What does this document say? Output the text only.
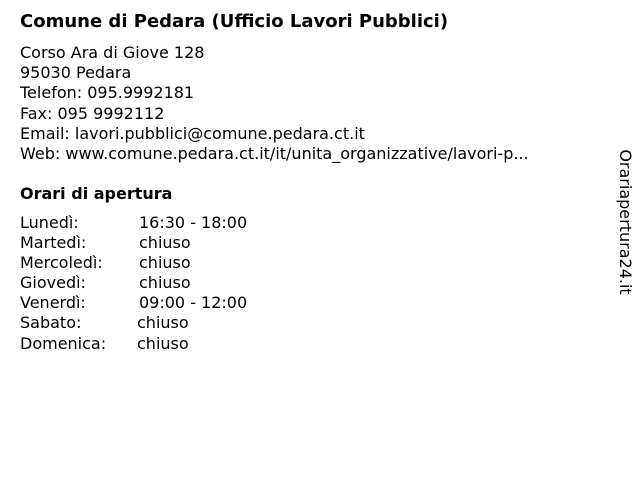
Comune di Pedara (Ufficio Lavori Pubblici)
Corso Ara di Giove 128
95030 Pedara
Telefon: 095.9992181
Fax: 095 9992112
Email: lavori.pubblici@comune.pedara.ct.it
Web: www.comune.pedara.ct.it/it/unita_organizzative/lavori-p...
Orari di apertura
Lunedì:	16:30 - 18:00
Martedì:	chiuso
Mercoledì: chiuso
Giovedì:	chiuso
Venerdì:	09:00 - 12:00
Sabato:	chiuso
Domenica: chiuso
Orariapertura24.it
